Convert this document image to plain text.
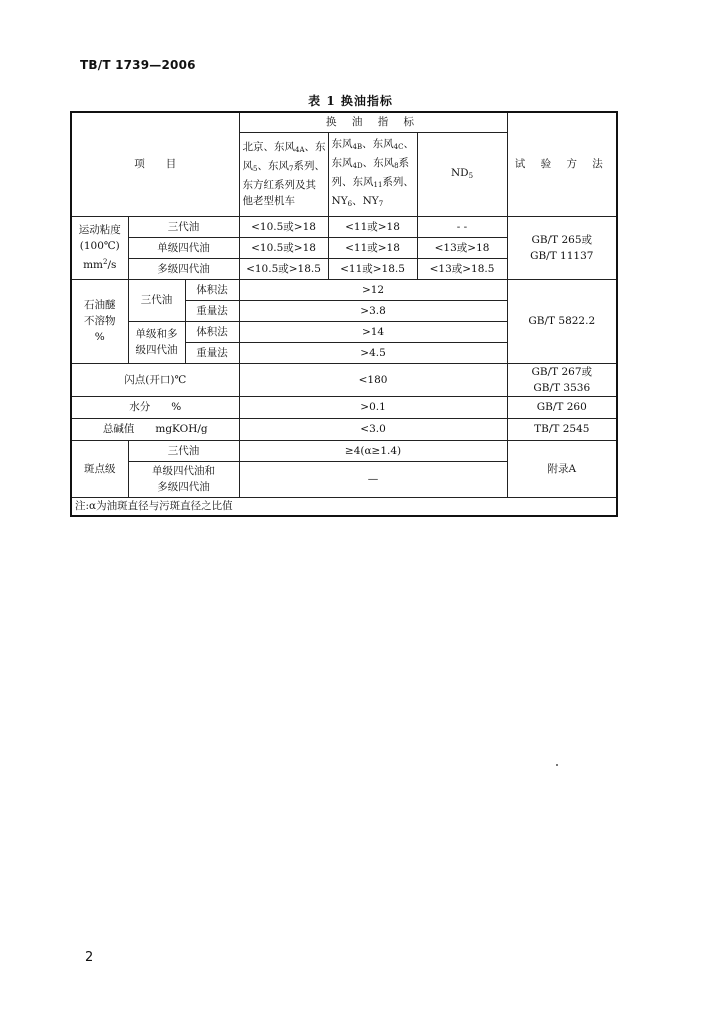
TB/T 1739—2006
表 1 换油指标
项　　目			换 油 指 标			试 验 方 法
			北京、东风$_{4A}$、东
风$_5$、东风$_7$系列、
东方红系列及其
他老型机车	东风$_{4B}$、东风$_{4C}$、
东风$_{4D}$、东风$_8$系
列、东风$_{11}$系列、
$NY_6$、$NY_7$	$ND_5$
运动粘度
(100℃)
$mm^2/s$	三代油		<10.5或>18	<11或>18	- -	GB/T 265或
GB/T 11137
	单级四代油		<10.5或>18	<11或>18	<13或>18	
	多级四代油		<10.5或>18.5	<11或>18.5	<13或>18.5	
石油醚
不溶物
%	三代油	体积法	>12			GB/T 5822.2
		重量法	>3.8			
	单级和多
级四代油	体积法	>14			
		重量法	>4.5			
闪点(开口)℃			<180			GB/T 267或
GB/T 3536
水分　　%			>0.1			GB/T 260
总碱值　　mgKOH/g			<3.0			TB/T 2545
斑点级	三代油		≥4(α≥1.4)			附录A
	单级四代油和
多级四代油		—			
注:α为油斑直径与污斑直径之比值						
2
